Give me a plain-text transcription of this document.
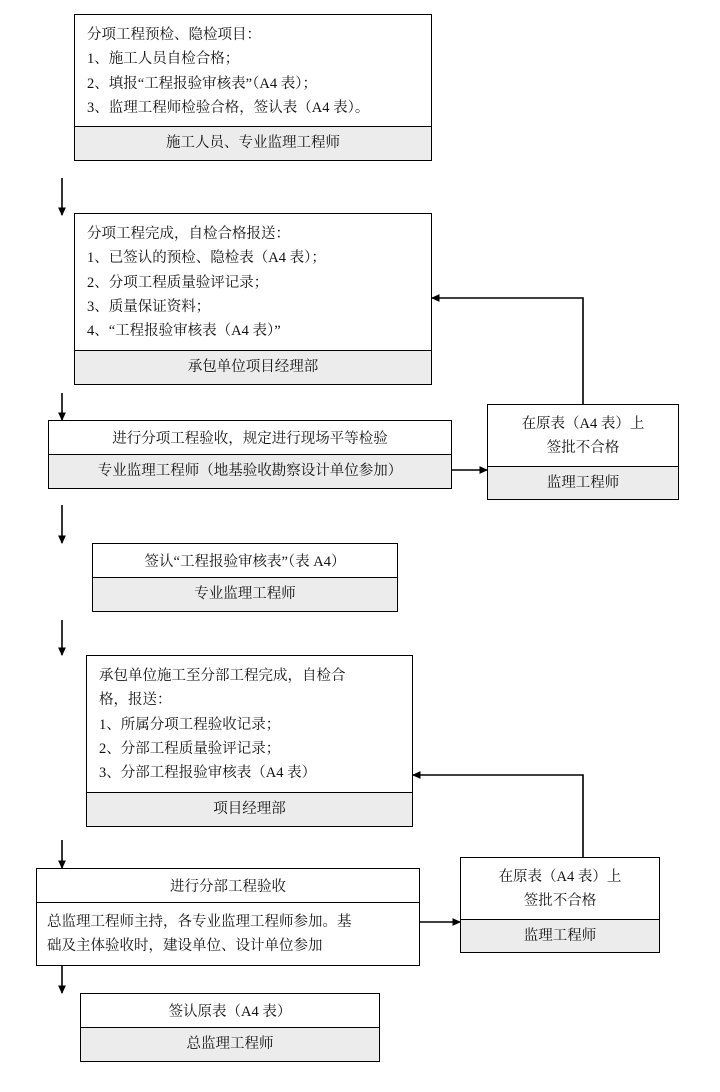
分项工程预检、隐检项目：
1、施工人员自检合格；
2、填报“工程报验审核表”（A4 表）；
3、监理工程师检验合格，签认表（A4 表）。
施工人员、专业监理工程师
分项工程完成，自检合格报送：
1、已签认的预检、隐检表（A4 表）；
2、分项工程质量验评记录；
3、质量保证资料；
4、“工程报验审核表（A4 表）”
承包单位项目经理部
进行分项工程验收，规定进行现场平等检验
专业监理工程师（地基验收勘察设计单位参加）
在原表（A4 表）上
签批不合格
监理工程师
签认“工程报验审核表”（表 A4）
专业监理工程师
承包单位施工至分部工程完成，自检合
格，报送：
1、所属分项工程验收记录；
2、分部工程质量验评记录；
3、分部工程报验审核表（A4 表）
项目经理部
进行分部工程验收
总监理工程师主持，各专业监理工程师参加。基
础及主体验收时，建设单位、设计单位参加
在原表（A4 表）上
签批不合格
监理工程师
签认原表（A4 表）
总监理工程师
